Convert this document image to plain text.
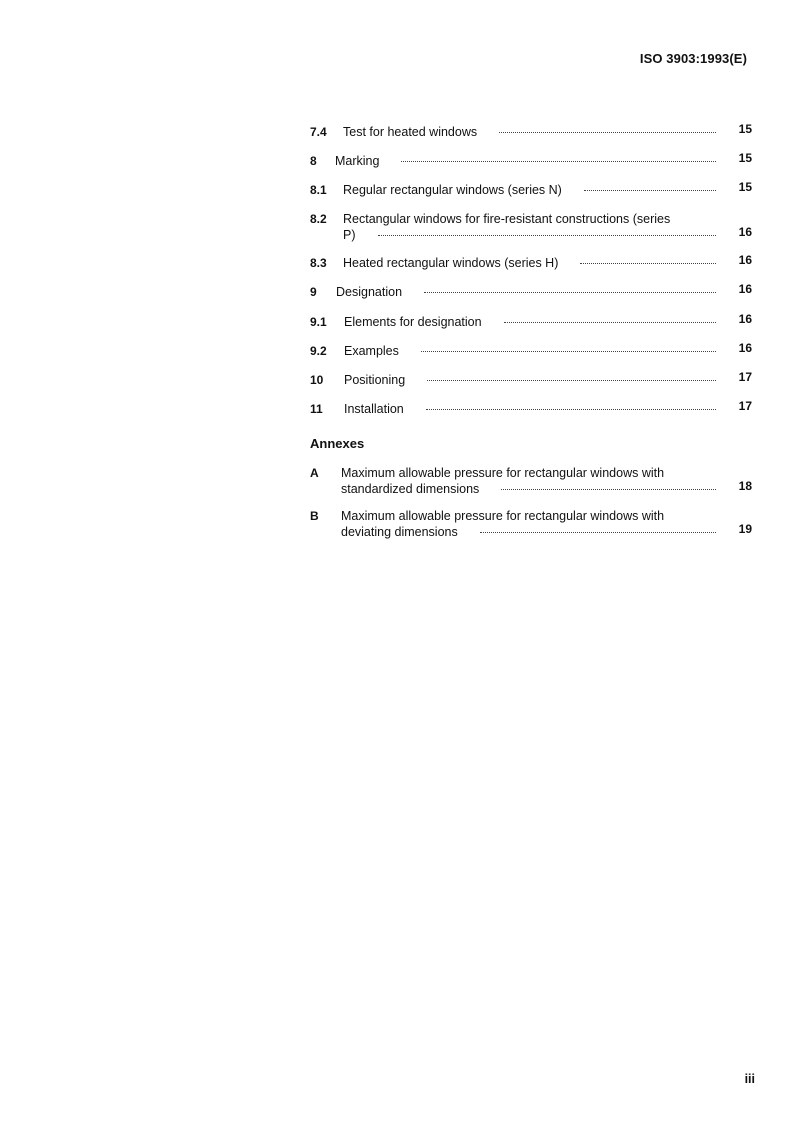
ISO 3903:1993(E)
7.4	Test for heated windows	15
8	Marking	15
8.1	Regular rectangular windows (series N)	15
8.2	Rectangular windows for fire-resistant constructions (series
P)	16
8.3	Heated rectangular windows (series H)	16
9	Designation	16
9.1	Elements for designation	16
9.2	Examples	16
10	Positioning	17
11	Installation	17
Annexes
A	Maximum allowable pressure for rectangular windows with
standardized dimensions	18
B	Maximum allowable pressure for rectangular windows with
deviating dimensions	19
iii
